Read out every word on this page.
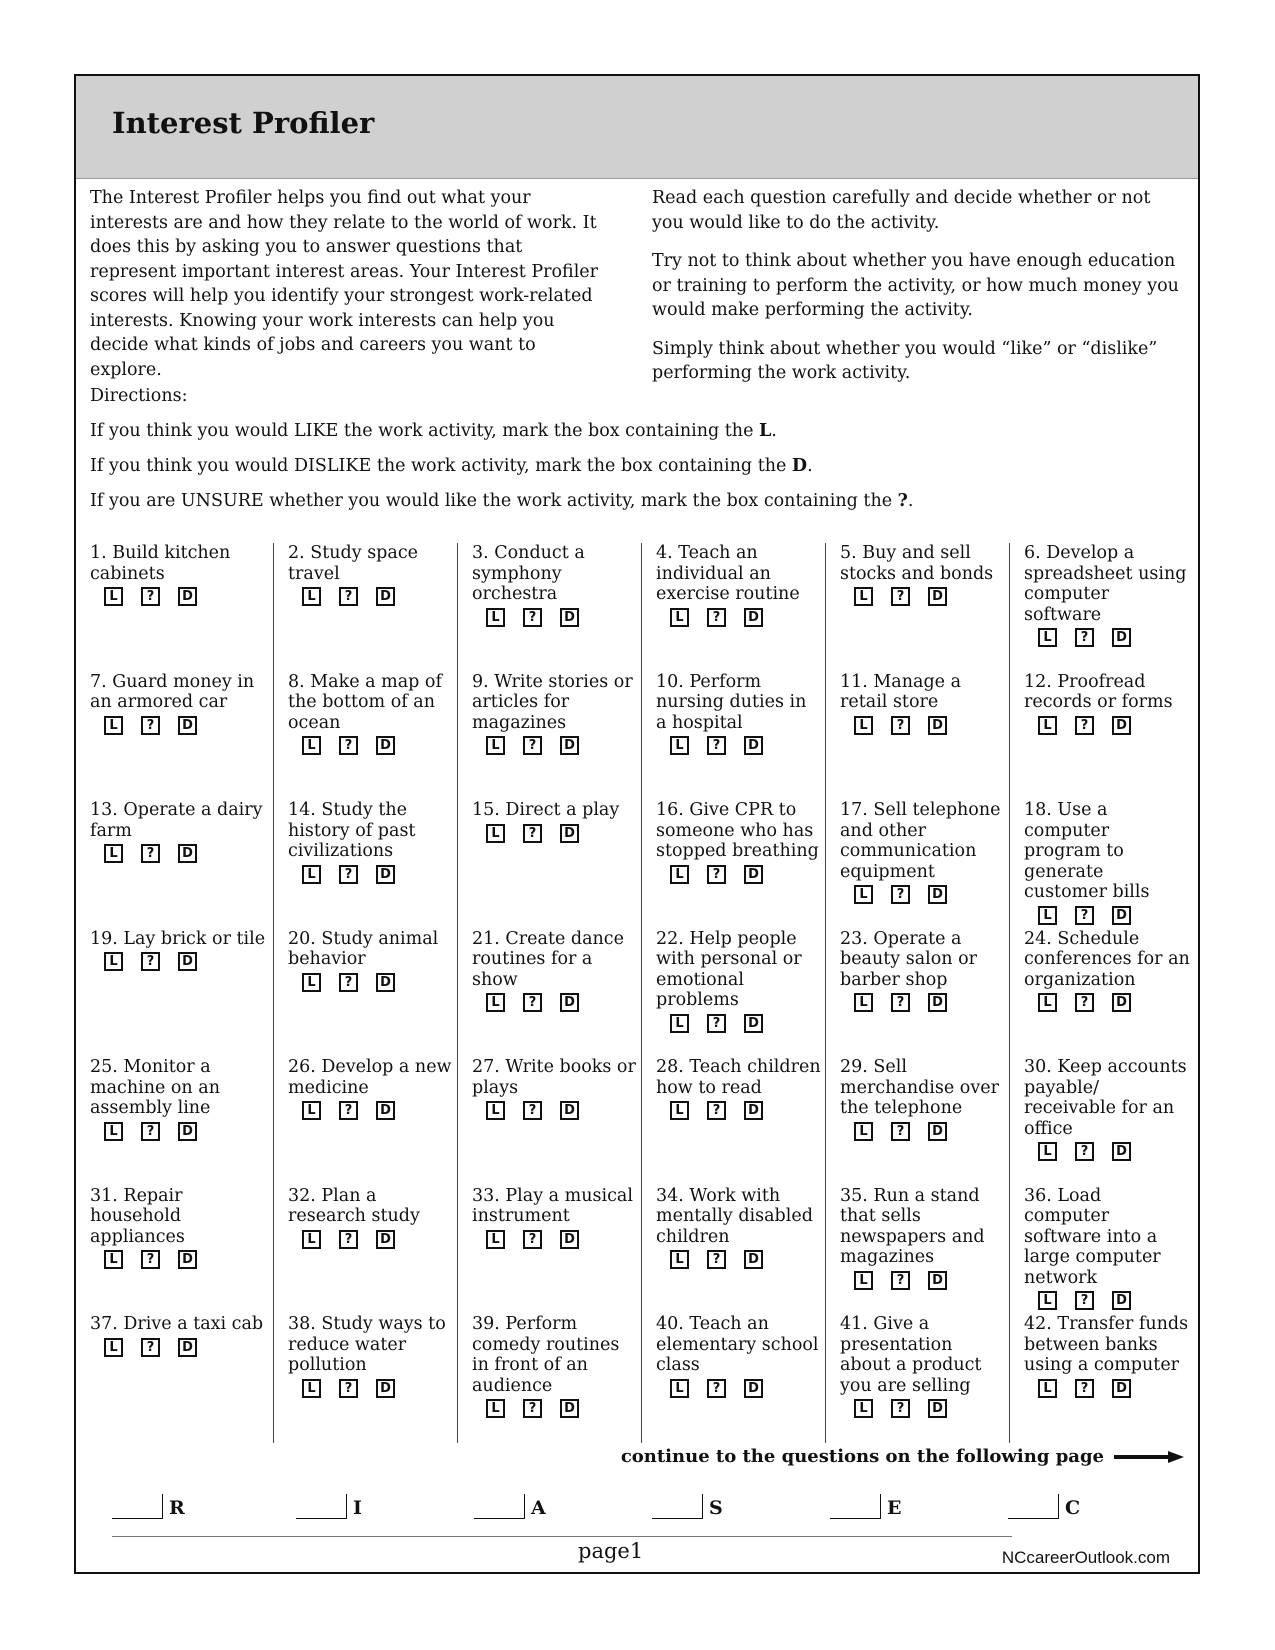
Interest Profiler

The Interest Profiler helps you find out what your interests are and how they relate to the world of work. It does this by asking you to answer questions that represent important interest areas. Your Interest Profiler scores will help you identify your strongest work-related interests. Knowing your work interests can help you decide what kinds of jobs and careers you want to explore.

Read each question carefully and decide whether or not you would like to do the activity.

Try not to think about whether you have enough education or training to perform the activity, or how much money you would make performing the activity.

Simply think about whether you would “like” or “dislike” performing the work activity.

Directions:

If you think you would LIKE the work activity, mark the box containing the L.

If you think you would DISLIKE the work activity, mark the box containing the D.

If you are UNSURE whether you would like the work activity, mark the box containing the ?.

1. Build kitchen cabinets
L	?	D
2. Study space travel
L	?	D
3. Conduct a symphony orchestra
L	?	D
4. Teach an individual an exercise routine
L	?	D
5. Buy and sell stocks and bonds
L	?	D
6. Develop a spreadsheet using computer software
L	?	D
7. Guard money in an armored car
L	?	D
8. Make a map of the bottom of an ocean
L	?	D
9. Write stories or articles for magazines
L	?	D
10. Perform nursing duties in a hospital
L	?	D
11. Manage a retail store
L	?	D
12. Proofread records or forms
L	?	D
13. Operate a dairy farm
L	?	D
14. Study the history of past civilizations
L	?	D
15. Direct a play
L	?	D
16. Give CPR to someone who has stopped breathing
L	?	D
17. Sell telephone and other communication equipment
L	?	D
18. Use a computer program to generate customer bills
L	?	D
19. Lay brick or tile
L	?	D
20. Study animal behavior
L	?	D
21. Create dance routines for a show
L	?	D
22. Help people with personal or emotional problems
L	?	D
23. Operate a beauty salon or barber shop
L	?	D
24. Schedule conferences for an organization
L	?	D
25. Monitor a machine on an assembly line
L	?	D
26. Develop a new medicine
L	?	D
27. Write books or plays
L	?	D
28. Teach children how to read
L	?	D
29. Sell merchandise over the telephone
L	?	D
30. Keep accounts payable/ receivable for an office
L	?	D
31. Repair household appliances
L	?	D
32. Plan a research study
L	?	D
33. Play a musical instrument
L	?	D
34. Work with mentally disabled children
L	?	D
35. Run a stand that sells newspapers and magazines
L	?	D
36. Load computer software into a large computer network
L	?	D
37. Drive a taxi cab
L	?	D
38. Study ways to reduce water pollution
L	?	D
39. Perform comedy routines in front of an audience
L	?	D
40. Teach an elementary school class
L	?	D
41. Give a presentation about a product you are selling
L	?	D
42. Transfer funds between banks using a computer
L	?	D
continue to the questions on the following page
R	I	A	S	E	C
page1	NCcareerOutlook.com
